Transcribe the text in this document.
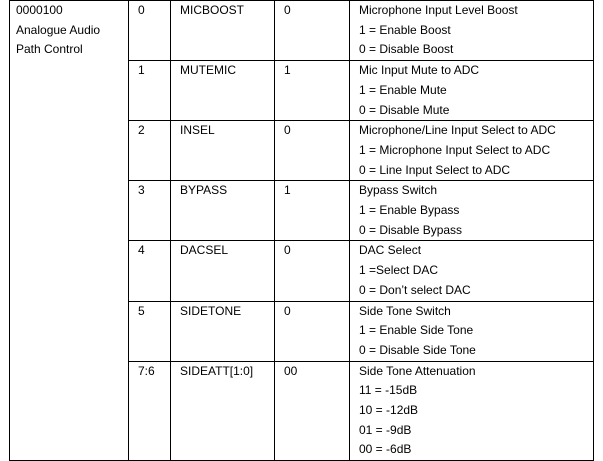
0000100
Analogue Audio
Path Control	0	MICBOOST	0	Microphone Input Level Boost
1 = Enable Boost
0 = Disable Boost

	1	MUTEMIC	1	Mic Input Mute to ADC
1 = Enable Mute
0 = Disable Mute

	2	INSEL	0	Microphone/Line Input Select to ADC
1 = Microphone Input Select to ADC
0 = Line Input Select to ADC

	3	BYPASS	1	Bypass Switch
1 = Enable Bypass
0 = Disable Bypass

	4	DACSEL	0	DAC Select
1 =Select DAC
0 = Don’t select DAC

	5	SIDETONE	0	Side Tone Switch
1 = Enable Side Tone
0 = Disable Side Tone

	7:6	SIDEATT[1:0]	00	Side Tone Attenuation
11 = -15dB
10 = -12dB
01 = -9dB
00 = -6dB
